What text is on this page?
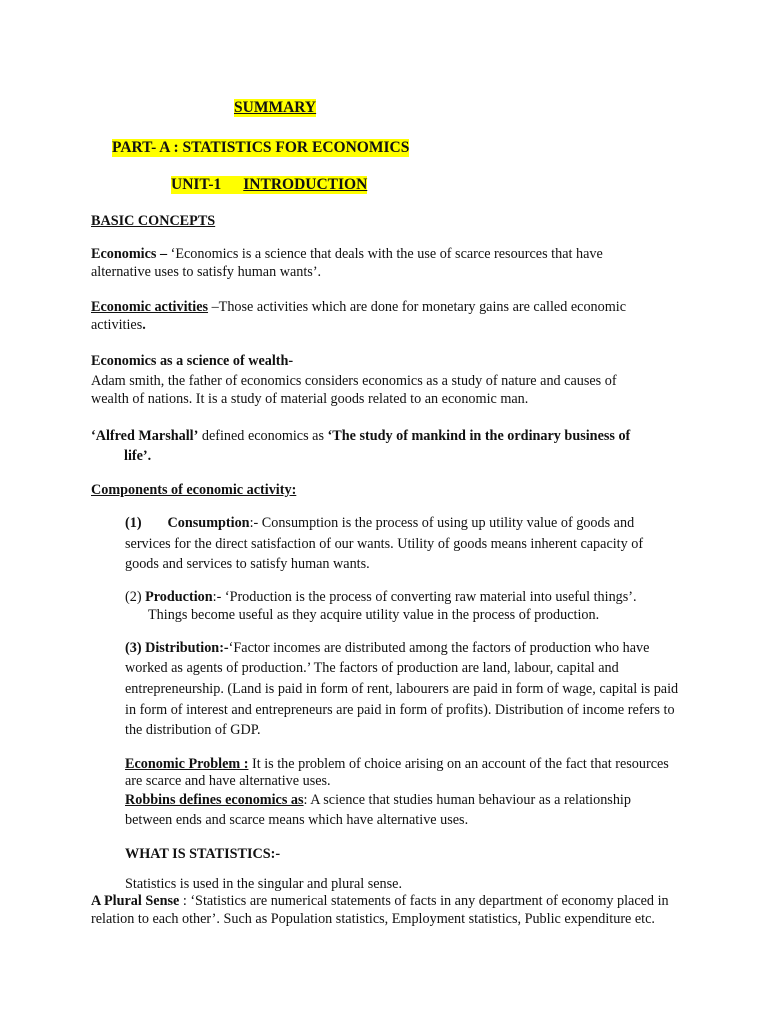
SUMMARY
PART- A : STATISTICS FOR ECONOMICS
UNIT-1 INTRODUCTION
BASIC CONCEPTS
Economics – ‘Economics is a science that deals with the use of scarce resources that have
alternative uses to satisfy human wants’.
Economic activities –Those activities which are done for monetary gains are called economic
activities.
Economics as a science of wealth-
Adam smith, the father of economics considers economics as a study of nature and causes of
wealth of nations. It is a study of material goods related to an economic man.
‘Alfred Marshall’ defined economics as ‘The study of mankind in the ordinary business of
life’.
Components of economic activity:
(1) Consumption:- Consumption is the process of using up utility value of goods and
services for the direct satisfaction of our wants. Utility of goods means inherent capacity of
goods and services to satisfy human wants.
(2) Production:- ‘Production is the process of converting raw material into useful things’.
Things become useful as they acquire utility value in the process of production.
(3) Distribution:-‘Factor incomes are distributed among the factors of production who have
worked as agents of production.’ The factors of production are land, labour, capital and
entrepreneurship. (Land is paid in form of rent, labourers are paid in form of wage, capital is paid
in form of interest and entrepreneurs are paid in form of profits). Distribution of income refers to
the distribution of GDP.
Economic Problem : It is the problem of choice arising on an account of the fact that resources
are scarce and have alternative uses.
Robbins defines economics as: A science that studies human behaviour as a relationship
between ends and scarce means which have alternative uses.
WHAT IS STATISTICS:-
Statistics is used in the singular and plural sense.
A Plural Sense : ‘Statistics are numerical statements of facts in any department of economy placed in
relation to each other’. Such as Population statistics, Employment statistics, Public expenditure etc.
